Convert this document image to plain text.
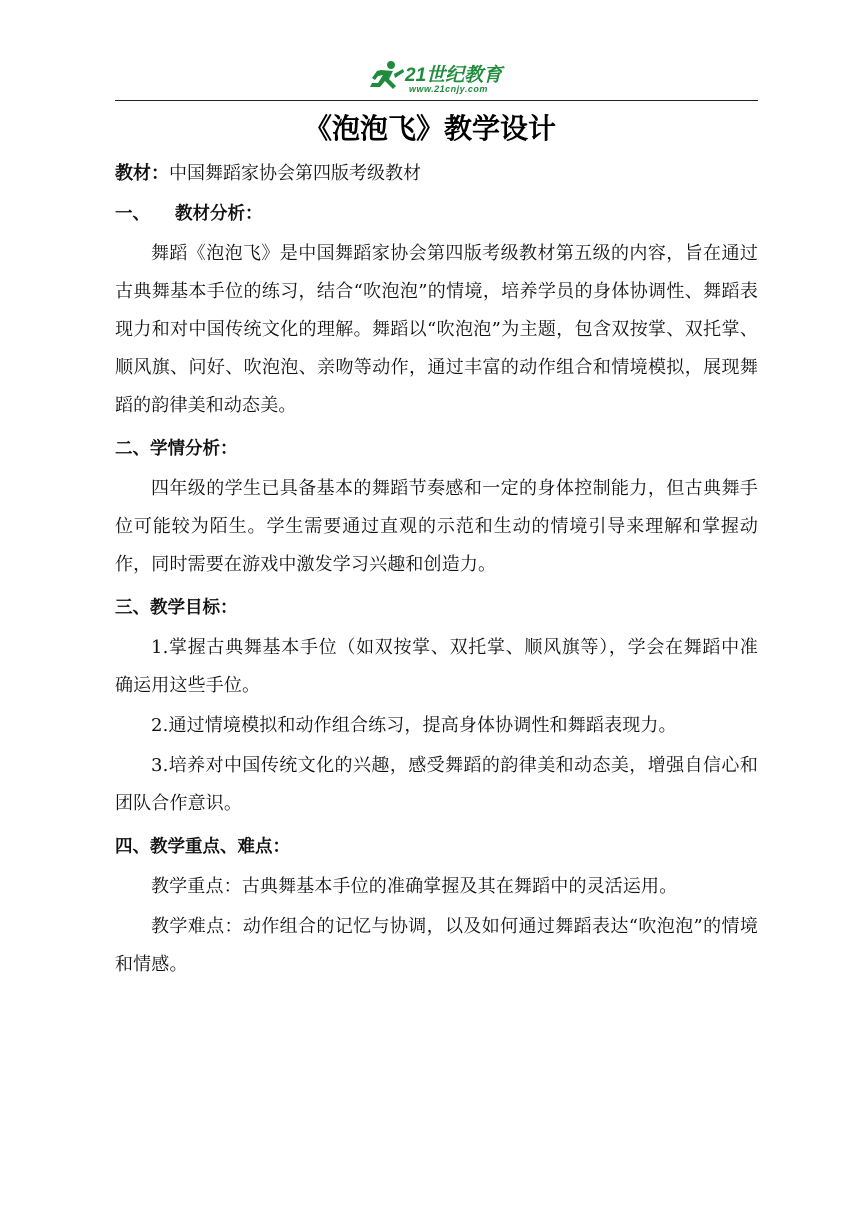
21世纪教育
www.21cnjy.com
《泡泡飞》教学设计

教材：中国舞蹈家协会第四版考级教材

一、 教材分析：

舞蹈《泡泡飞》是中国舞蹈家协会第四版考级教材第五级的内容，旨在通过古典舞基本手位的练习，结合“吹泡泡”的情境，培养学员的身体协调性、舞蹈表现力和对中国传统文化的理解。舞蹈以“吹泡泡”为主题，包含双按掌、双托掌、顺风旗、问好、吹泡泡、亲吻等动作，通过丰富的动作组合和情境模拟，展现舞蹈的韵律美和动态美。

二、学情分析：

四年级的学生已具备基本的舞蹈节奏感和一定的身体控制能力，但古典舞手位可能较为陌生。学生需要通过直观的示范和生动的情境引导来理解和掌握动作，同时需要在游戏中激发学习兴趣和创造力。

三、教学目标：

1.掌握古典舞基本手位（如双按掌、双托掌、顺风旗等），学会在舞蹈中准确运用这些手位。

2.通过情境模拟和动作组合练习，提高身体协调性和舞蹈表现力。

3.培养对中国传统文化的兴趣，感受舞蹈的韵律美和动态美，增强自信心和团队合作意识。

四、教学重点、难点：

教学重点：古典舞基本手位的准确掌握及其在舞蹈中的灵活运用。

教学难点：动作组合的记忆与协调，以及如何通过舞蹈表达“吹泡泡”的情境和情感。
